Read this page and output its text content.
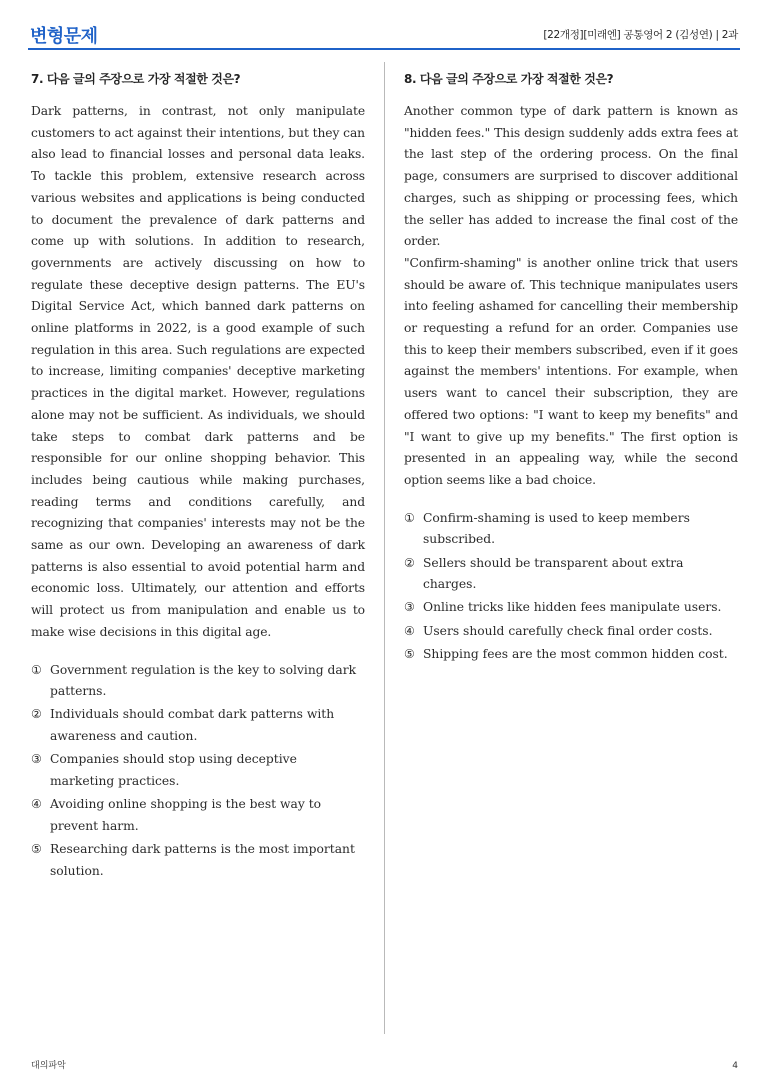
변형문제	[22개정][미래엔] 공통영어 2 (김성연) | 2과
7. 다음 글의 주장으로 가장 적절한 것은?

Dark patterns, in contrast, not only manipulate customers to act against their intentions, but they can also lead to financial losses and personal data leaks. To tackle this problem, extensive research across various websites and applications is being conducted to document the prevalence of dark patterns and come up with solutions. In addition to research, governments are actively discussing on how to regulate these deceptive design patterns. The EU's Digital Service Act, which banned dark patterns on online platforms in 2022, is a good example of such regulation in this area. Such regulations are expected to increase, limiting companies' deceptive marketing practices in the digital market. However, regulations alone may not be sufficient. As individuals, we should take steps to combat dark patterns and be responsible for our online shopping behavior. This includes being cautious while making purchases, reading terms and conditions carefully, and recognizing that companies' interests may not be the same as our own. Developing an awareness of dark patterns is also essential to avoid potential harm and economic loss. Ultimately, our attention and efforts will protect us from manipulation and enable us to make wise decisions in this digital age.

① Government regulation is the key to solving dark patterns.
② Individuals should combat dark patterns with awareness and caution.
③ Companies should stop using deceptive marketing practices.
④ Avoiding online shopping is the best way to prevent harm.
⑤ Researching dark patterns is the most important solution.
8. 다음 글의 주장으로 가장 적절한 것은?

Another common type of dark pattern is known as "hidden fees." This design suddenly adds extra fees at the last step of the ordering process. On the final page, consumers are surprised to discover additional charges, such as shipping or processing fees, which the seller has added to increase the final cost of the order.

"Confirm-shaming" is another online trick that users should be aware of. This technique manipulates users into feeling ashamed for cancelling their membership or requesting a refund for an order. Companies use this to keep their members subscribed, even if it goes against the members' intentions. For example, when users want to cancel their subscription, they are offered two options: "I want to keep my benefits" and "I want to give up my benefits." The first option is presented in an appealing way, while the second option seems like a bad choice.

① Confirm-shaming is used to keep members subscribed.
② Sellers should be transparent about extra charges.
③ Online tricks like hidden fees manipulate users.
④ Users should carefully check final order costs.
⑤ Shipping fees are the most common hidden cost.
대의파악	4
